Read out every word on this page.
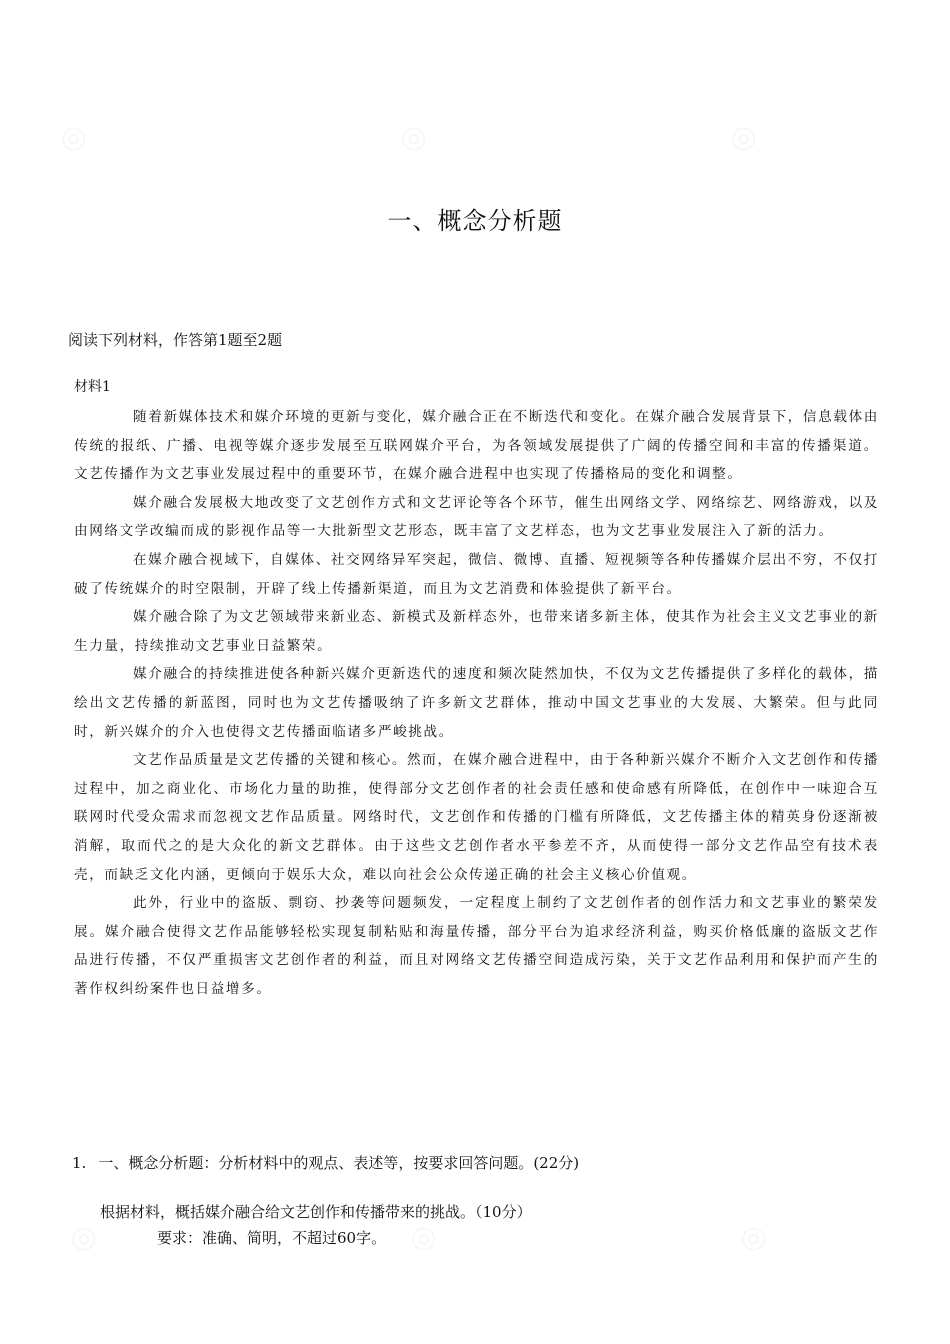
一、概念分析题
阅读下列材料，作答第1题至2题
材料1

随着新媒体技术和媒介环境的更新与变化，媒介融合正在不断迭代和变化。在媒介融合发展背景下，信息载体由传统的报纸、广播、电视等媒介逐步发展至互联网媒介平台，为各领域发展提供了广阔的传播空间和丰富的传播渠道。文艺传播作为文艺事业发展过程中的重要环节，在媒介融合进程中也实现了传播格局的变化和调整。

媒介融合发展极大地改变了文艺创作方式和文艺评论等各个环节，催生出网络文学、网络综艺、网络游戏，以及由网络文学改编而成的影视作品等一大批新型文艺形态，既丰富了文艺样态，也为文艺事业发展注入了新的活力。

在媒介融合视域下，自媒体、社交网络异军突起，微信、微博、直播、短视频等各种传播媒介层出不穷，不仅打破了传统媒介的时空限制，开辟了线上传播新渠道，而且为文艺消费和体验提供了新平台。

媒介融合除了为文艺领域带来新业态、新模式及新样态外，也带来诸多新主体，使其作为社会主义文艺事业的新生力量，持续推动文艺事业日益繁荣。

媒介融合的持续推进使各种新兴媒介更新迭代的速度和频次陡然加快，不仅为文艺传播提供了多样化的载体，描绘出文艺传播的新蓝图，同时也为文艺传播吸纳了许多新文艺群体，推动中国文艺事业的大发展、大繁荣。但与此同时，新兴媒介的介入也使得文艺传播面临诸多严峻挑战。

文艺作品质量是文艺传播的关键和核心。然而，在媒介融合进程中，由于各种新兴媒介不断介入文艺创作和传播过程中，加之商业化、市场化力量的助推，使得部分文艺创作者的社会责任感和使命感有所降低，在创作中一味迎合互联网时代受众需求而忽视文艺作品质量。网络时代，文艺创作和传播的门槛有所降低，文艺传播主体的精英身份逐渐被消解，取而代之的是大众化的新文艺群体。由于这些文艺创作者水平参差不齐，从而使得一部分文艺作品空有技术表壳，而缺乏文化内涵，更倾向于娱乐大众，难以向社会公众传递正确的社会主义核心价值观。

此外，行业中的盗版、剽窃、抄袭等问题频发，一定程度上制约了文艺创作者的创作活力和文艺事业的繁荣发展。媒介融合使得文艺作品能够轻松实现复制粘贴和海量传播，部分平台为追求经济利益，购买价格低廉的盗版文艺作品进行传播，不仅严重损害文艺创作者的利益，而且对网络文艺传播空间造成污染，关于文艺作品利用和保护而产生的著作权纠纷案件也日益增多。

1. 一、概念分析题：分析材料中的观点、表述等，按要求回答问题。(22分)
根据材料，概括媒介融合给文艺创作和传播带来的挑战。（10分）
要求：准确、简明，不超过60字。
